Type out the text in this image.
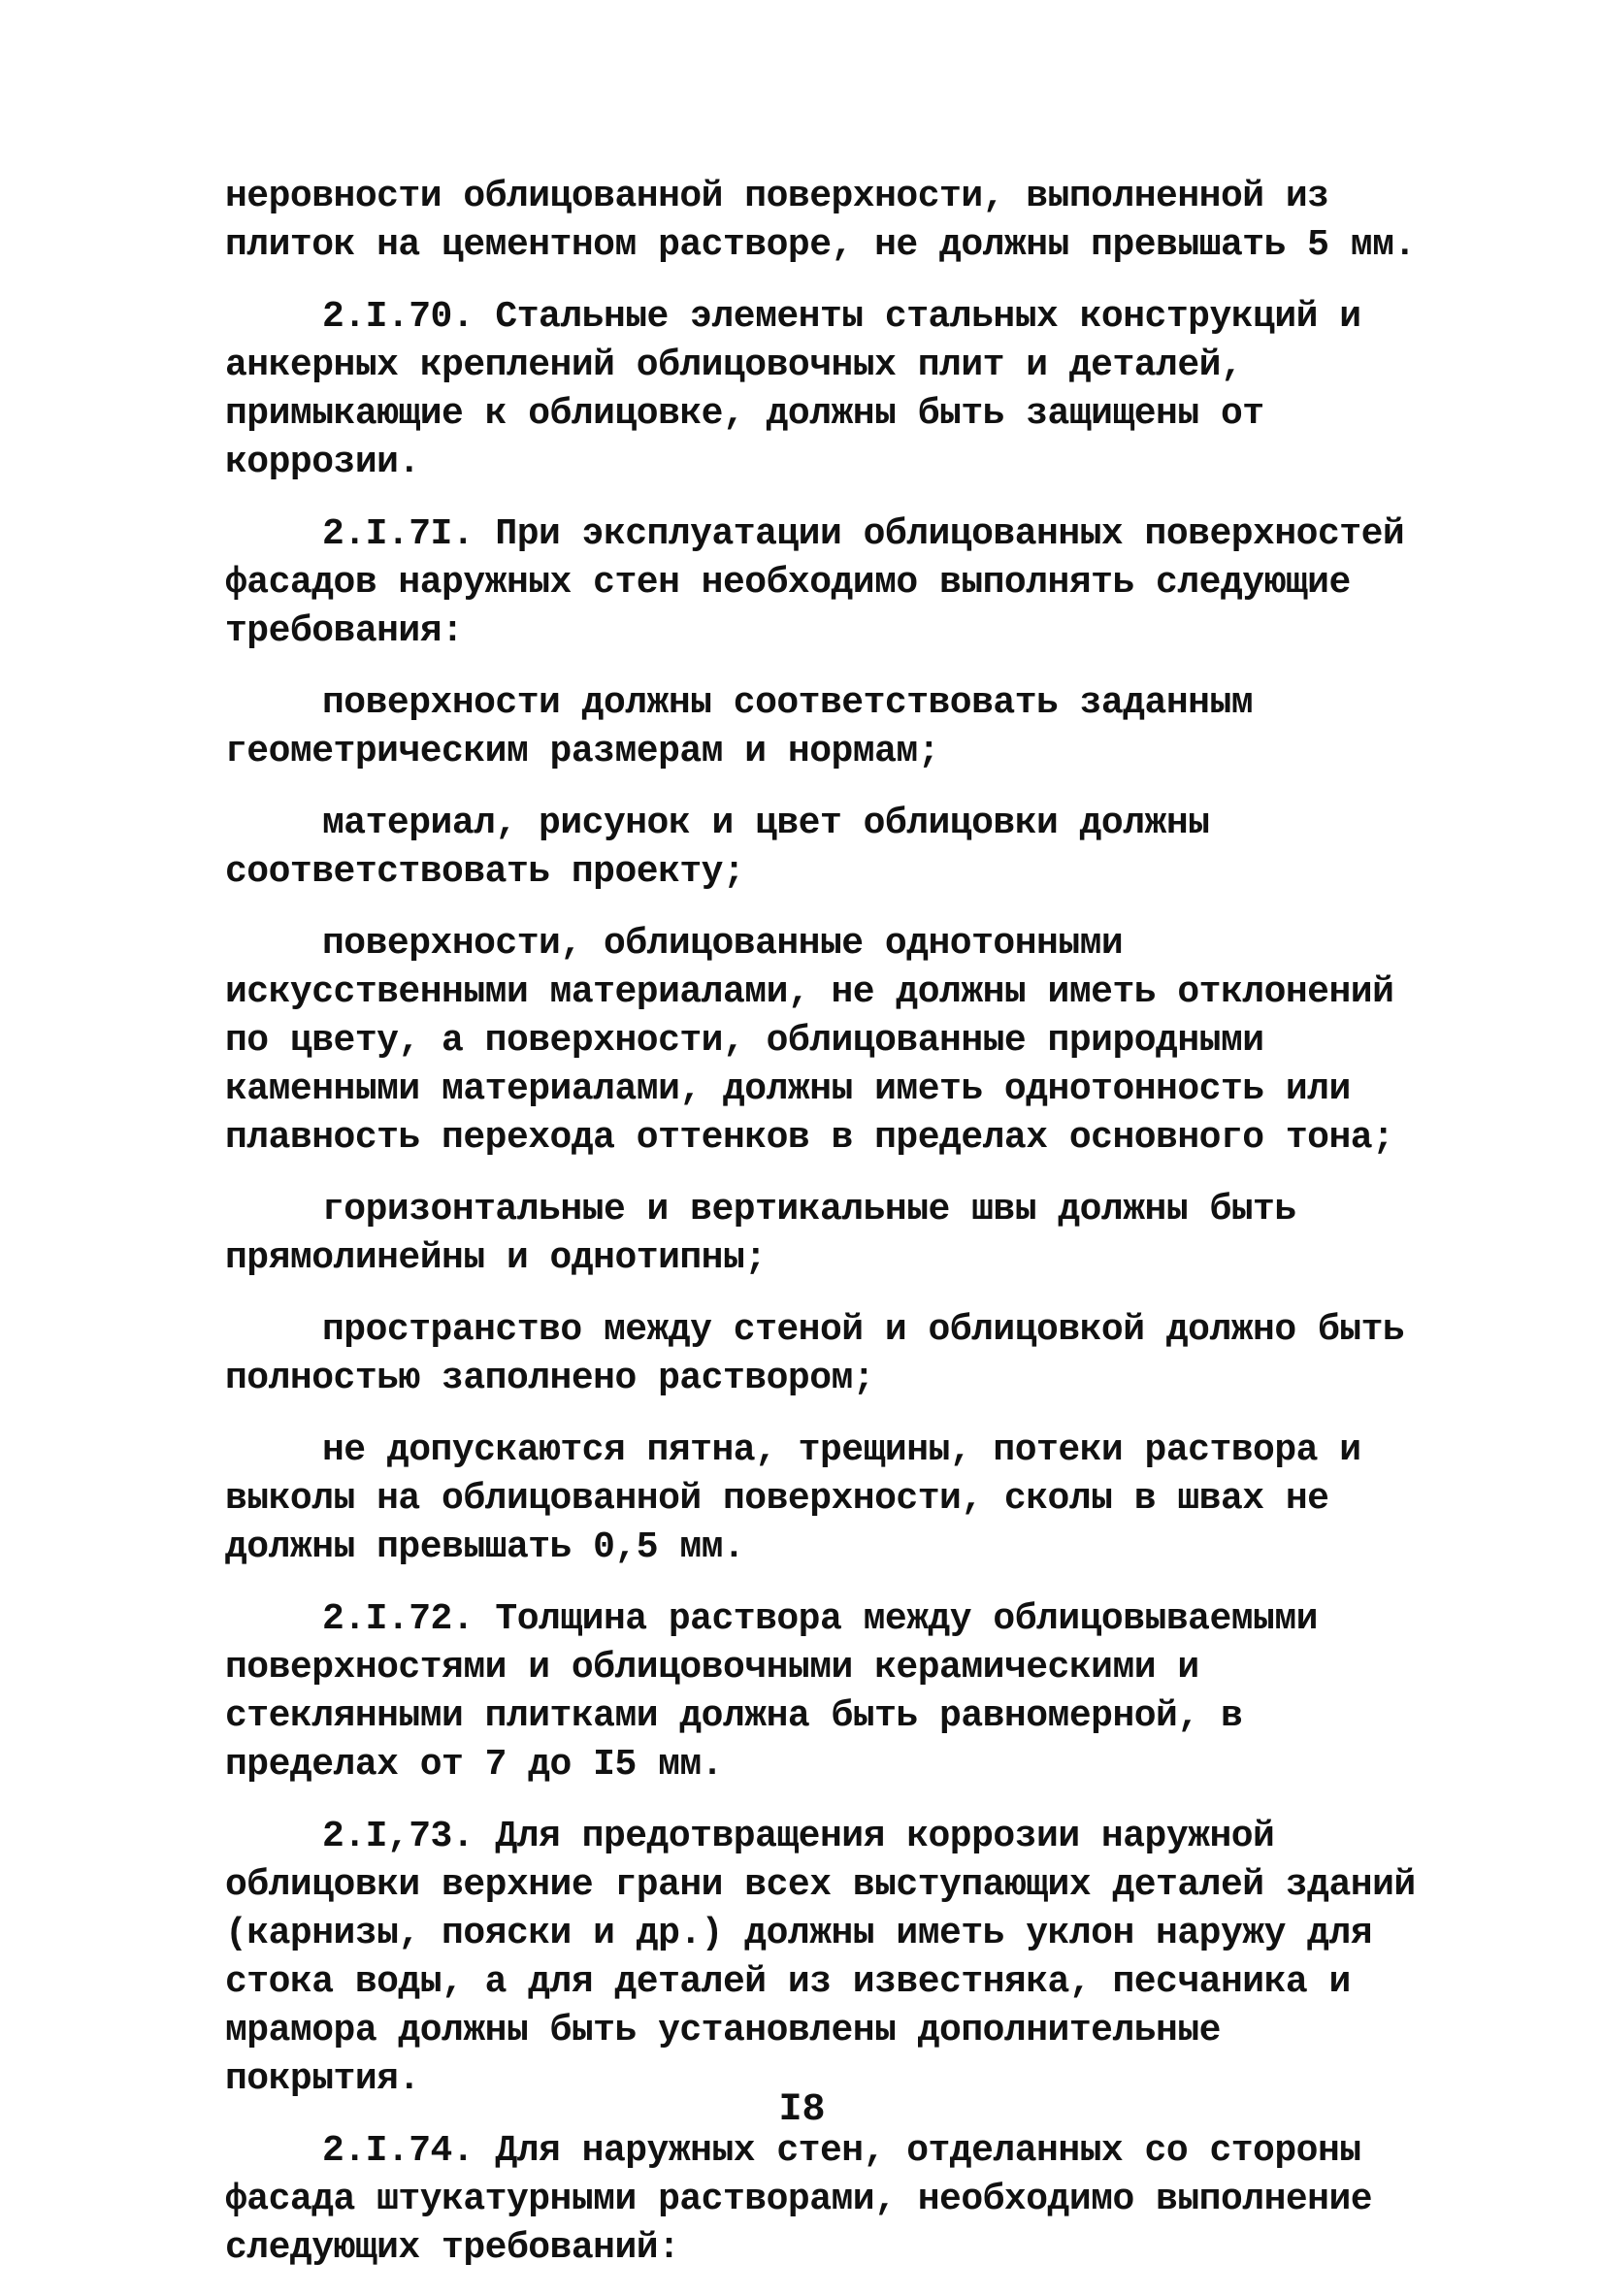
неровности облицованной поверхности, выполненной из плиток на цементном растворе, не должны превышать 5 мм.

2.I.70. Стальные элементы стальных конструкций и анкерных креплений облицовочных плит и деталей, примыкающие к облицовке, должны быть защищены от коррозии.

2.I.7I. При эксплуатации облицованных поверхностей фасадов наружных стен необходимо выполнять следующие требования:

поверхности должны соответствовать заданным геометрическим размерам и нормам;

материал, рисунок и цвет облицовки должны соответствовать проекту;

поверхности, облицованные однотонными искусственными материалами, не должны иметь отклонений по цвету, а поверхности, облицованные природными каменными материалами, должны иметь однотонность или плавность перехода оттенков в пределах основного тона;

горизонтальные и вертикальные швы должны быть прямолинейны и однотипны;

пространство между стеной и облицовкой должно быть полностью заполнено раствором;

не допускаются пятна, трещины, потеки раствора и выколы на облицованной поверхности, сколы в швах не должны превышать 0,5 мм.

2.I.72. Толщина раствора между облицовываемыми поверхностями и облицовочными керамическими и стеклянными плитками должна быть равномерной, в пределах от 7 до I5 мм.

2.I,73. Для предотвращения коррозии наружной облицовки верхние грани всех выступающих деталей зданий (карнизы, пояски и др.) должны иметь уклон наружу для стока воды, а для деталей из известняка, песчаника и мрамора должны быть установлены дополнительные покрытия.

2.I.74. Для наружных стен, отделанных со стороны фасада штукатурными растворами, необходимо выполнение следующих требований:

I8
